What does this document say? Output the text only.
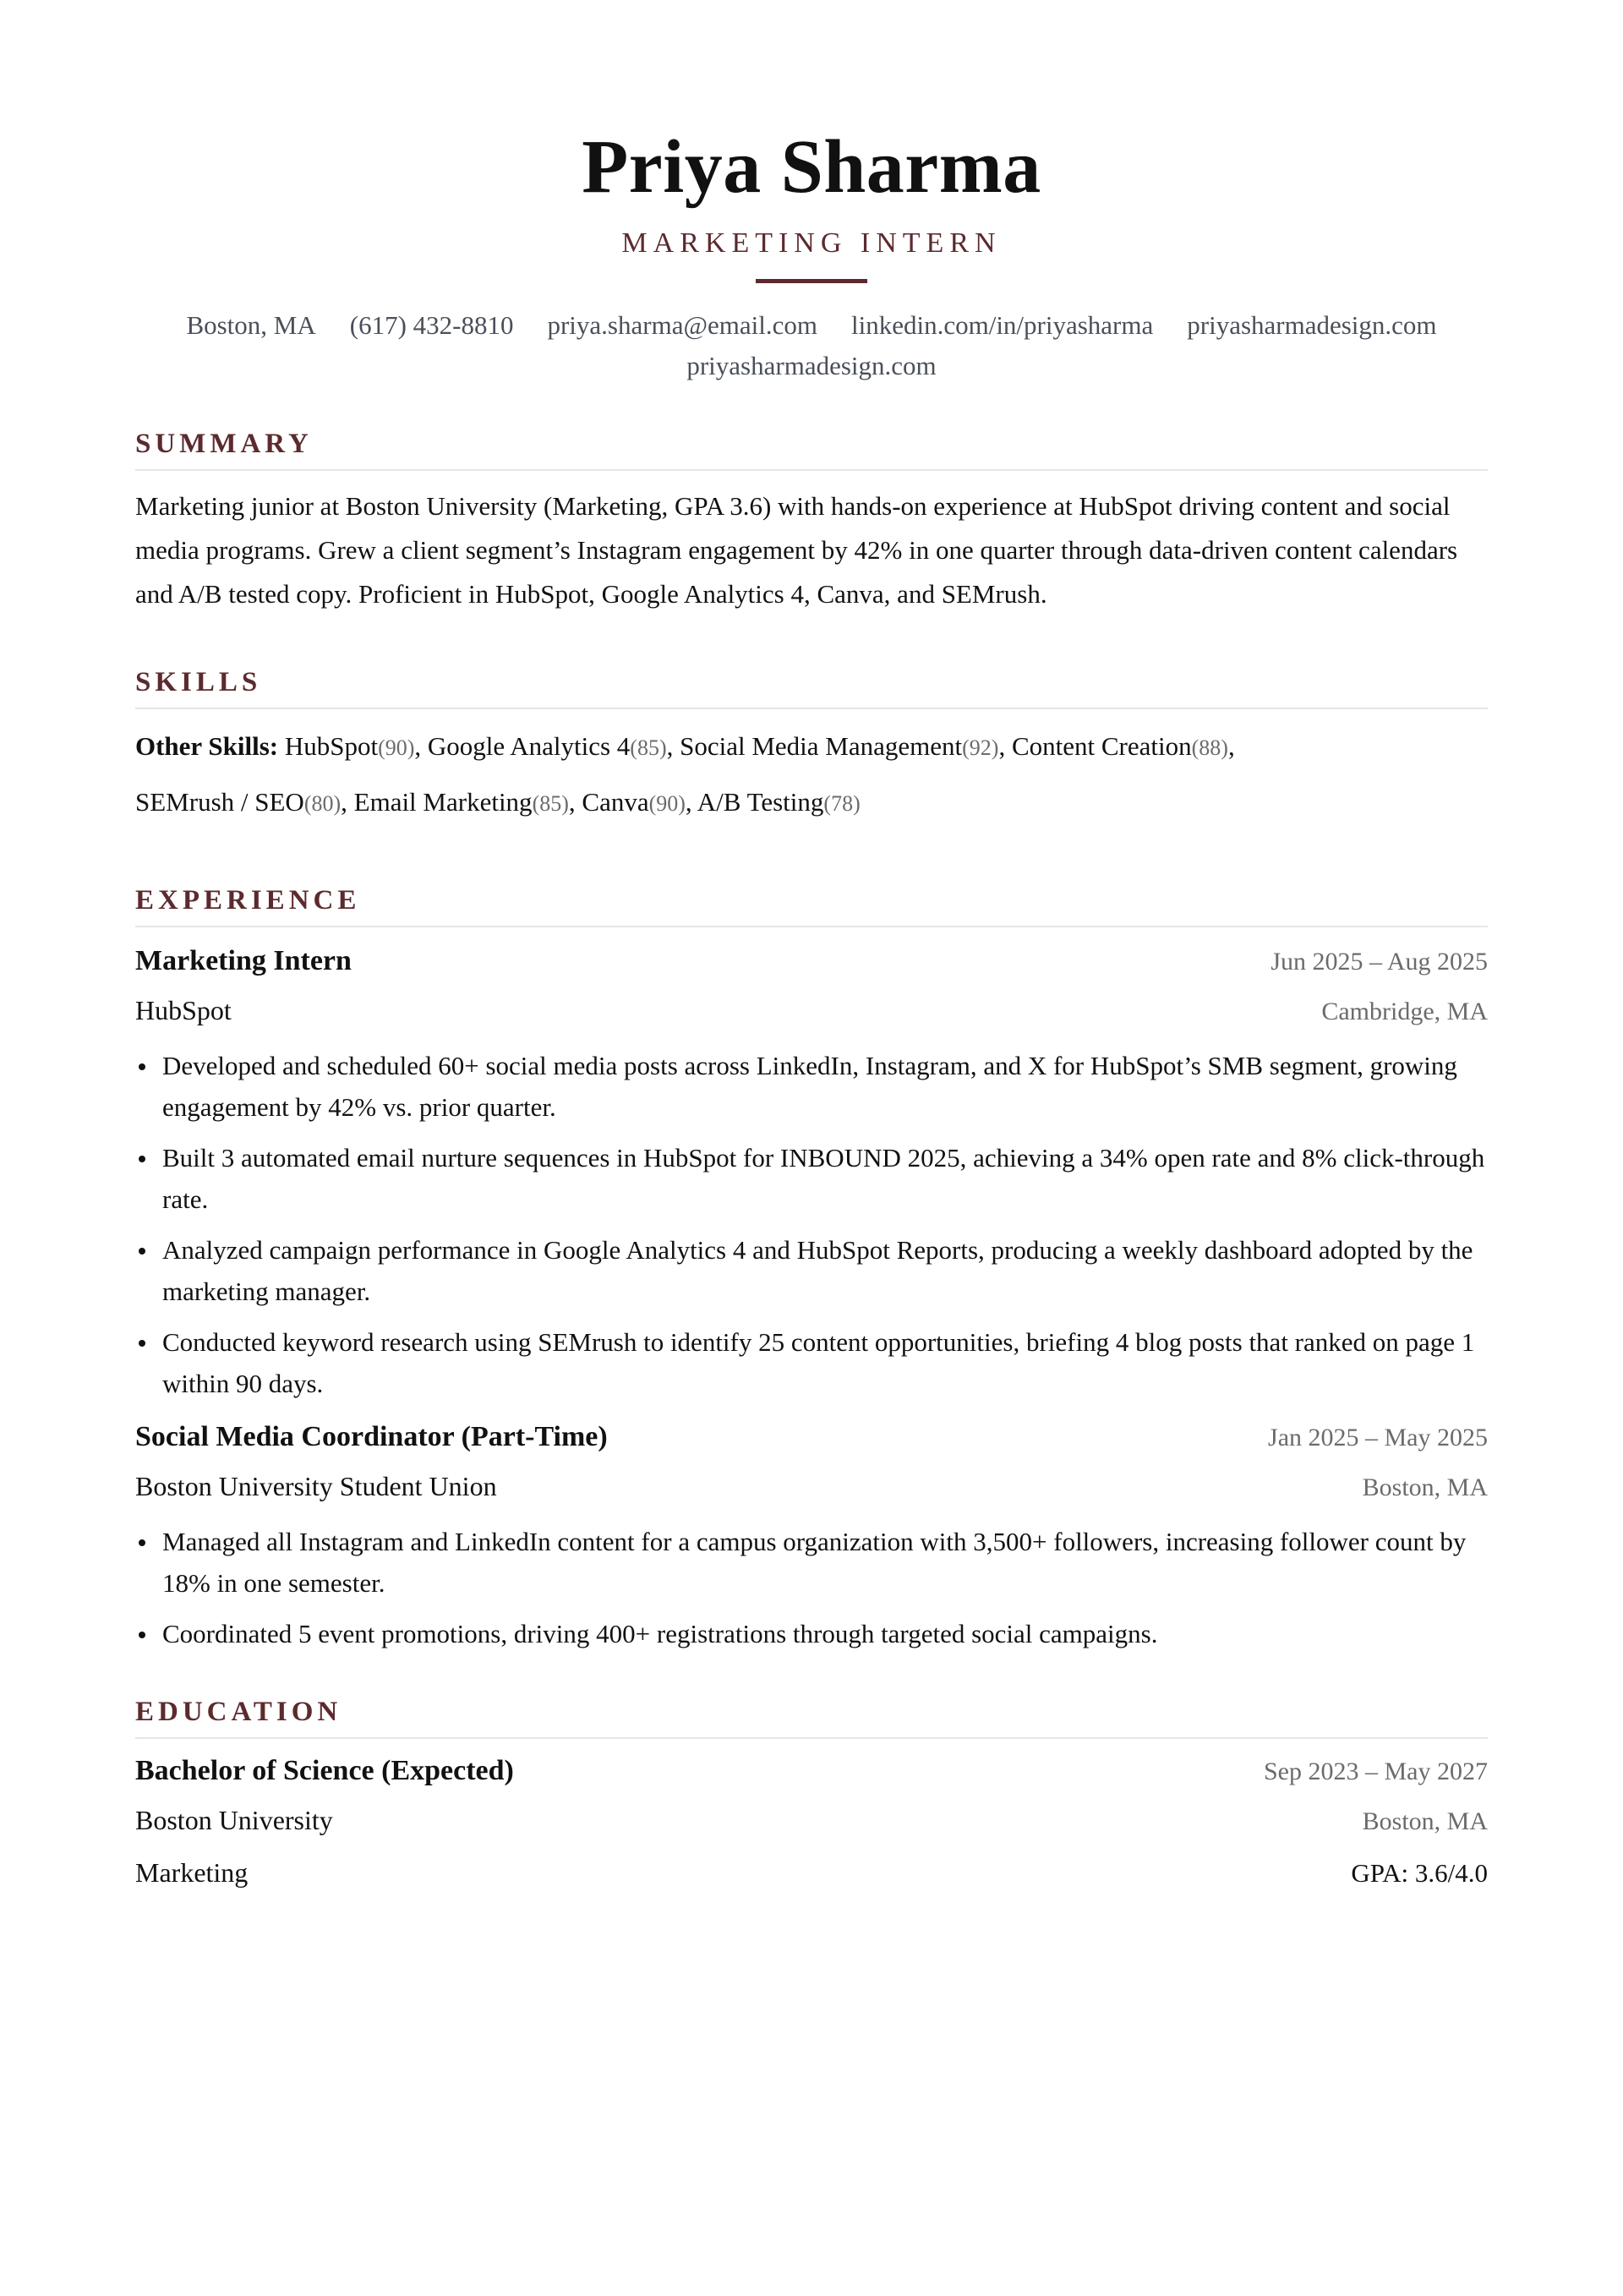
Priya Sharma
MARKETING INTERN
Boston, MA (617) 432-8810 priya.sharma@email.com linkedin.com/in/priyasharma priyasharmadesign.com
priyasharmadesign.com
SUMMARY
Marketing junior at Boston University (Marketing, GPA 3.6) with hands-on experience at HubSpot driving content and social media programs. Grew a client segment’s Instagram engagement by 42% in one quarter through data-driven content calendars and A/B tested copy. Proficient in HubSpot, Google Analytics 4, Canva, and SEMrush.
SKILLS
Other Skills: HubSpot(90), Google Analytics 4(85), Social Media Management(92), Content Creation(88),
SEMrush / SEO(80), Email Marketing(85), Canva(90), A/B Testing(78)
EXPERIENCE
Marketing Intern	Jun 2025 – Aug 2025
HubSpot	Cambridge, MA
Developed and scheduled 60+ social media posts across LinkedIn, Instagram, and X for HubSpot’s SMB segment, growing engagement by 42% vs. prior quarter.
Built 3 automated email nurture sequences in HubSpot for INBOUND 2025, achieving a 34% open rate and 8% click-through rate.
Analyzed campaign performance in Google Analytics 4 and HubSpot Reports, producing a weekly dashboard adopted by the marketing manager.
Conducted keyword research using SEMrush to identify 25 content opportunities, briefing 4 blog posts that ranked on page 1 within 90 days.
Social Media Coordinator (Part-Time)	Jan 2025 – May 2025
Boston University Student Union	Boston, MA
Managed all Instagram and LinkedIn content for a campus organization with 3,500+ followers, increasing follower count by 18% in one semester.
Coordinated 5 event promotions, driving 400+ registrations through targeted social campaigns.
EDUCATION
Bachelor of Science (Expected)	Sep 2023 – May 2027
Boston University	Boston, MA
Marketing	GPA: 3.6/4.0
